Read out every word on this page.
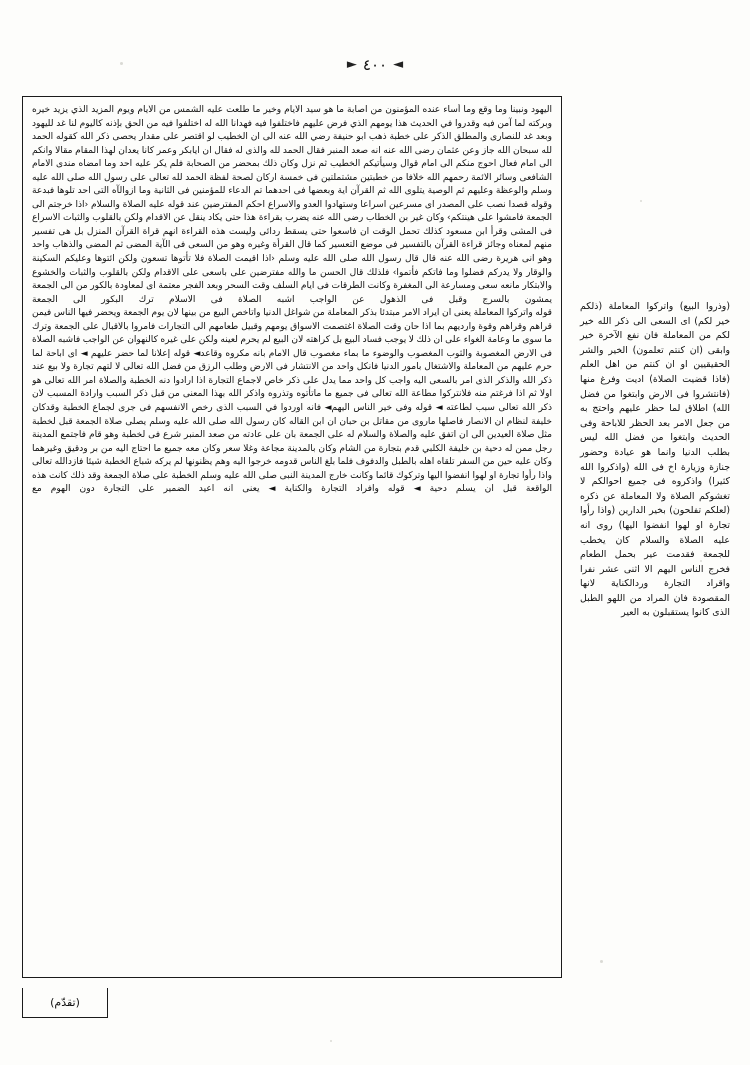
◄٤٠٠►

اليهود ونبينا وما وقع وما أساء عنده المؤمنون من اصابة ما هو سيد الايام وخير ما طلعت عليه الشمس من الايام ويوم المزيد الذي يزيد خيره وبركته لما آمن فيه وقدروا في الحديث هذا يومهم الذي فرض عليهم فاختلفوا فيه فهدانا الله له اختلفوا فيه من الحق بإذنه كاليوم لنا غد لليهود وبعد غد للنصارى والمطلق الذكر على خطبة ذهب ابو حنيفة رضي الله عنه الى ان الخطيب لو اقتصر على مقدار يحصى ذكر الله كقوله الحمد لله سبحان الله جاز وعن عثمان رضى الله عنه انه صعد المنبر فقال الحمد لله والذى له فقال ان ايابكر وعمر كانا يعدان لهذا المقام مقالا وانكم الى امام فعال احوج منكم الى امام قوال وسيأتيكم الخطيب ثم نزل وكان ذلك بمحضر من الصحابة فلم يكر عليه احد وما امضاه مندى الامام الشافعى وسائر الائمة رحمهم الله خلافا من خطبتين مشتملتين فى خمسة اركان لصحة لفظة الحمد لله تعالى على رسول الله صلى الله عليه وسلم والوعظة وعليهم ثم الوصية يتلوى الله ثم القرآن اية وبعضها فى احدهما تم الدعاء للمؤمنين فى الثانية وما ازوالآه التى احد تلوها فبدعة وقوله قصدا نصب على المصدر اى مسرعين اسراعا وستهادوا العدو والاسراع احكم المفترضين عند قوله عليه الصلاة والسلام ‹اذا خرجتم الى الجمعة فامشوا على هينتكم› وكان غير بن الخطاب رضى الله عنه يضرب بقراءة هذا حتى يكاد ينقل عن الاقدام ولكن بالقلوب والثبات الاسراع فى المشى وقرأ ابن مسعود كذلك تحمل الوقت ان فاسعوا حتى يسقط ردائى وليست هذه القراءة انهم قراة القرآن المنزل بل هى تفسير منهم لمعناه وجائز قراءة القرآن بالتفسير فى موضع التعسير كما قال القرأة وغيره وهو من السعى فى الآية المضى ثم المضى والذهاب واحد وهو انى هريرة رضى الله عنه قال قال رسول الله صلى الله عليه وسلم ‹اذا اقيمت الصلاة فلا تأتوها تسعون ولكن ائتوها وعليكم السكينة والوقار ولا يدركم فضلوا وما فاتكم فأتموا› فلذلك قال الحسن ما والله مفترضين على باسعى على الاقدام ولكن بالقلوب والثبات والخشوع والابتكار مانعه سعى ومسارعة الى المغفرة وكانت الطرقات فى ايام السلف وقت السحر وبعد الفجر معتمة اى لمعاودة بالكور من الى الجمعة يمشون بالسرج وقبل فى الذهول عن الواجب اشبه الصلاة فى الاسلام ترك البكور الى الجمعة

قوله واتركوا المعاملة يعنى ان ايراد الامر مبتدئا بذكر المعاملة من شواغل الدنيا واتاخص البيع من بينها لان يوم الجمعة ويحضر فيها الناس فيمن قراهم وقراهم وقوة وارديهم بما اذا حان وقت الصلاة اغتصمت الاسواق يومهم وقبيل طعامهم الى التجارات فامروا بالاقبال على الجمعة وترك ما سوى ما وعامة الغواء على ان ذلك لا يوجب فساد البيع بل كراهته لان البيع لم يحرم لعينه ولكن على غيره كالنهوان عن الواجب فاشبه الصلاة فى الارض المغصوبة والثوب المغصوب والوضوء ما بماء مغصوب قال الامام بانه مكروه وقاعد◄ قوله إعلانا لما حضر عليهم ◄ اى اباحة لما حرم عليهم من المعاملة والاشتغال بامور الدنيا فانكل واحد من الانتشار فى الارض وطلب الرزق من فضل الله تعالى لا لتهم تجارة ولا بيع عند ذكر الله والذكر الذى امر بالسعى اليه واجب كل واحد مما يدل على ذكر خاص لاجماع التجارة اذا ارادوا دنه الخطبة والصلاة امر الله تعالى هو اولا ثم اذا فرغتم منه فلانتركوا مطاعة الله تعالى فى جميع ما ماتأتوه وتذروه واذكر الله بهذا المعنى من قبل ذكر السبب وارادة المسبب لان ذكر الله تعالى سبب لطاعته ◄ قوله وفى خير الناس اليهم◄ فانه اوردوا في السبب الذى رخص الانفسهم فى جرى لجماع الخطبة وقدكان خليفة لنظام ان الانصار فاصلها ماروى من مقاتل بن حبان ان ابن القاله كان رسول الله صلى الله عليه وسلم يصلى صلاة الجمعة قبل لخطبة مثل صلاة العيدين الى ان اتفق عليه والصلاة والسلام له على الجمعة بان على عادته من صعد المنبر شرع فى لخطبة وهو قام فاجتمع المدينة رجل ممن له دحية بن خليفة الكلبي قدم بتجارة من الشام وكان بالمدينة مجاعة وغلا سعر وكان معه جميع ما احتاج اليه من بر ودقيق وغيرهما وكان عليه حين من السفر تلقاه اهله بالطبل والدفوف فلما بلغ الناس قدومه خرجوا اليه وهم يظنونها لم يركه شباع الخطبة شيئا فازدالله تعالى واذا رأوا تجارة او لهوا انفضوا اليها وتركوك قائما وكانت خارج المدينة النبى صلى الله عليه وسلم الخطبة على صلاة الجمعة وقد ذلك كانت هذه الواقعة قبل ان يسلم دحية ◄ قوله وافراد التجارة والكناية ◄ يعنى انه اعيد الضمير على التجارة دون الهوم مع

(وذروا البيع) واتركوا المعاملة (ذلكم خير لكم) اى السعى الى ذكر الله خير لكم من المعاملة فان نفع الآخرة خير وابقى (ان كنتم تعلمون) الخير والشر الحقيقيين او ان كنتم من اهل العلم (فاذا قضيت الصلاة) اديت وفرغ منها (فانتشروا فى الارض وابتغوا من فضل الله) اطلاق لما حظر عليهم واحتج به من جعل الامر بعد الحظر للاباحة وفى الحديث وابتغوا من فضل الله ليس بطلب الدنيا وانما هو عيادة وحضور جنازة وزيارة اخ فى الله (واذكروا الله كثيرا) واذكروه فى جميع احوالكم لا تغشوكم الصلاة ولا المعاملة عن ذكره (لعلكم تفلحون) بخير الدارين (واذا رأوا تجارة او لهوا انفضوا اليها) روى انه عليه الصلاة والسلام كان يخطب للجمعة فقدمت عير بحمل الطعام فخرج الناس اليهم الا اثنى عشر نفرا واقراد التجارة وردالكناية لانها المقصودة فان المراد من اللهو الطبل الذى كانوا يستقبلون به العير

(تقدّم)
